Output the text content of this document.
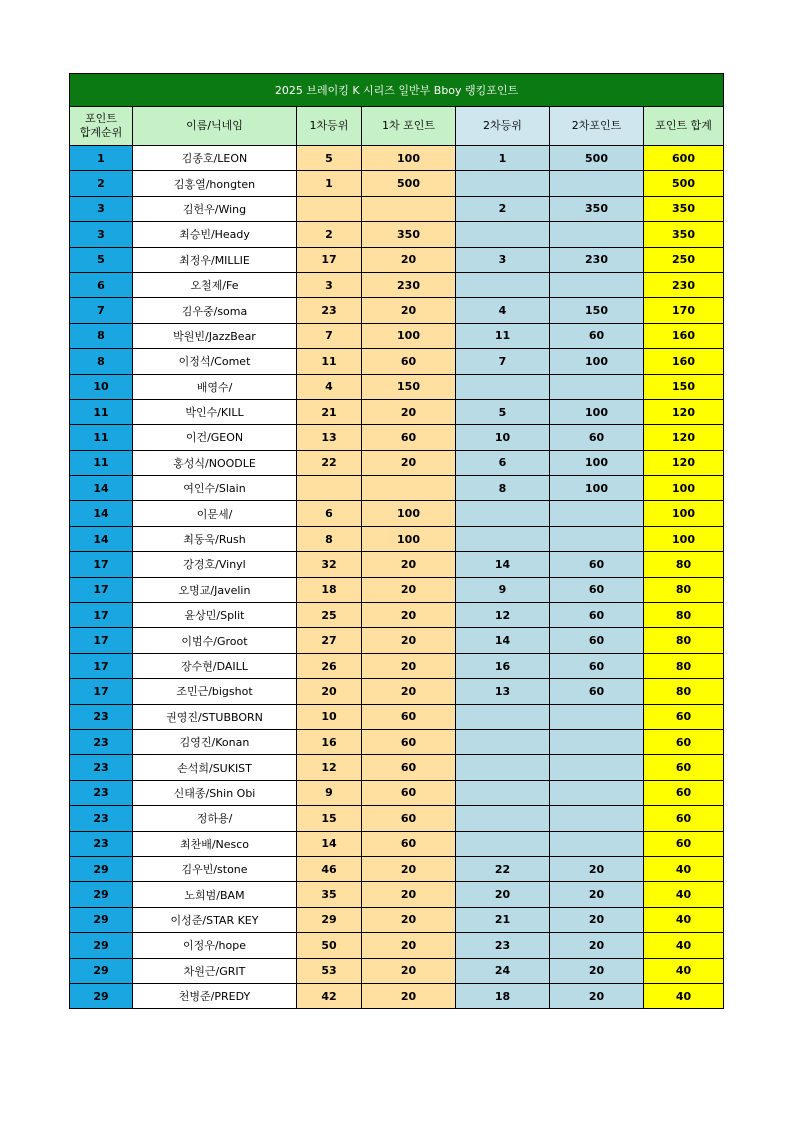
2025 브레이킹 K 시리즈 일반부 Bboy 랭킹포인트						
포인트
합계순위	이름/닉네임	1차등위	1차 포인트	2차등위	2차포인트	포인트 합계
1	김종호/LEON	5	100	1	500	600
2	김홍열/hongten	1	500			500
3	김헌우/Wing			2	350	350
3	최승빈/Heady	2	350			350
5	최정우/MILLIE	17	20	3	230	250
6	오철제/Fe	3	230			230
7	김우중/soma	23	20	4	150	170
8	박원빈/JazzBear	7	100	11	60	160
8	이정석/Comet	11	60	7	100	160
10	배영수/	4	150			150
11	박인수/KILL	21	20	5	100	120
11	이건/GEON	13	60	10	60	120
11	홍성식/NOODLE	22	20	6	100	120
14	여인수/Slain			8	100	100
14	이문세/	6	100			100
14	최동욱/Rush	8	100			100
17	강경호/Vinyl	32	20	14	60	80
17	오명교/Javelin	18	20	9	60	80
17	윤상민/Split	25	20	12	60	80
17	이범수/Groot	27	20	14	60	80
17	장수현/DAILL	26	20	16	60	80
17	조민근/bigshot	20	20	13	60	80
23	권영진/STUBBORN	10	60			60
23	김영진/Konan	16	60			60
23	손석희/SUKIST	12	60			60
23	신태종/Shin Obi	9	60			60
23	정하용/	15	60			60
23	최찬배/Nesco	14	60			60
29	김우빈/stone	46	20	22	20	40
29	노희범/BAM	35	20	20	20	40
29	이성준/STAR KEY	29	20	21	20	40
29	이정우/hope	50	20	23	20	40
29	차원근/GRIT	53	20	24	20	40
29	천병준/PREDY	42	20	18	20	40
